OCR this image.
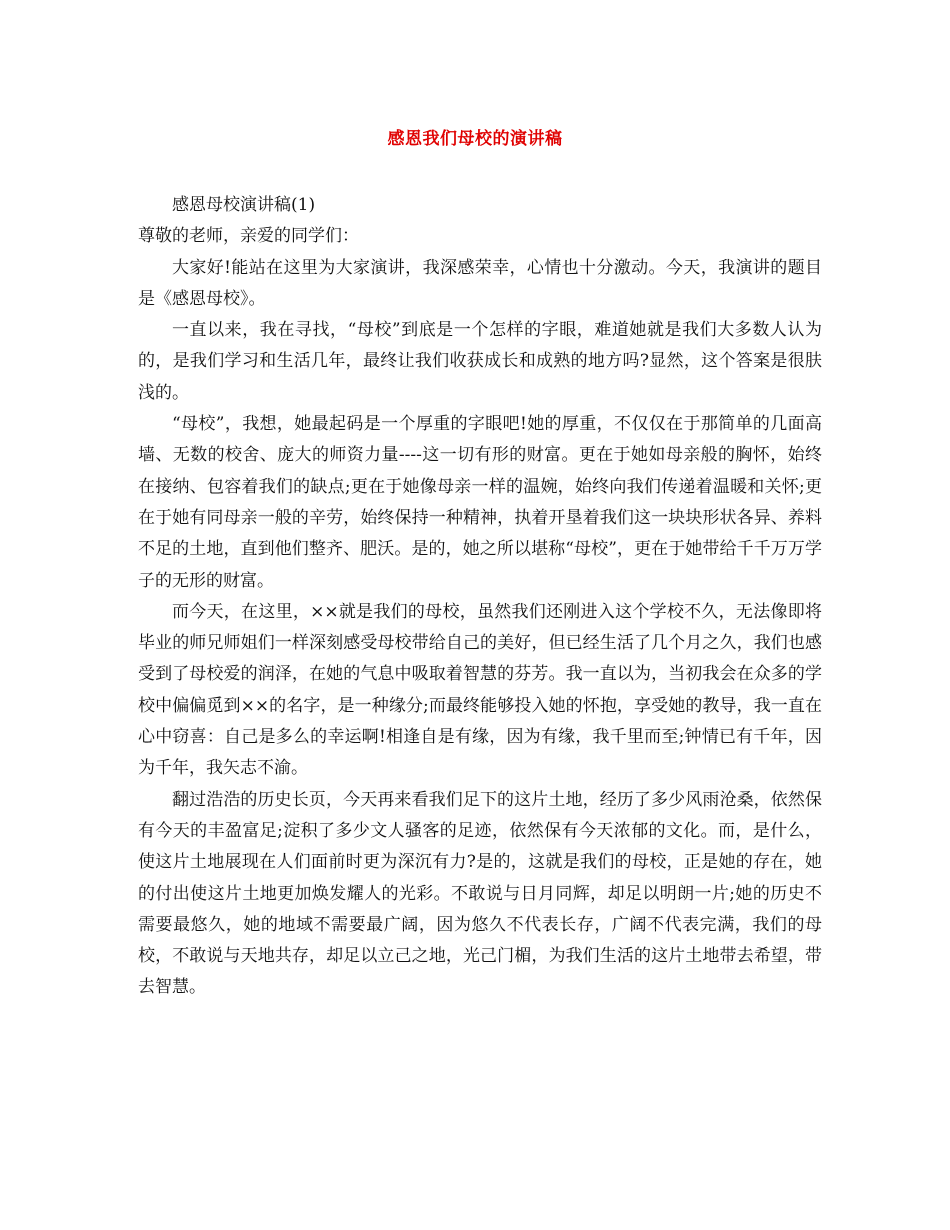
感恩我们母校的演讲稿

感恩母校演讲稿(1)

尊敬的老师，亲爱的同学们：

大家好!能站在这里为大家演讲，我深感荣幸，心情也十分激动。今天，我演讲的题目是《感恩母校》。

一直以来，我在寻找，“母校”到底是一个怎样的字眼，难道她就是我们大多数人认为的，是我们学习和生活几年，最终让我们收获成长和成熟的地方吗?显然，这个答案是很肤浅的。

“母校”，我想，她最起码是一个厚重的字眼吧!她的厚重，不仅仅在于那简单的几面高墙、无数的校舍、庞大的师资力量----这一切有形的财富。更在于她如母亲般的胸怀，始终在接纳、包容着我们的缺点;更在于她像母亲一样的温婉，始终向我们传递着温暖和关怀;更在于她有同母亲一般的辛劳，始终保持一种精神，执着开垦着我们这一块块形状各异、养料不足的土地，直到他们整齐、肥沃。是的，她之所以堪称“母校”，更在于她带给千千万万学子的无形的财富。

而今天，在这里，××就是我们的母校，虽然我们还刚进入这个学校不久，无法像即将毕业的师兄师姐们一样深刻感受母校带给自己的美好，但已经生活了几个月之久，我们也感受到了母校爱的润泽，在她的气息中吸取着智慧的芬芳。我一直以为，当初我会在众多的学校中偏偏觅到××的名字，是一种缘分;而最终能够投入她的怀抱，享受她的教导，我一直在心中窃喜：自己是多么的幸运啊!相逢自是有缘，因为有缘，我千里而至;钟情已有千年，因为千年，我矢志不渝。

翻过浩浩的历史长页，今天再来看我们足下的这片土地，经历了多少风雨沧桑，依然保有今天的丰盈富足;淀积了多少文人骚客的足迹，依然保有今天浓郁的文化。而，是什么，使这片土地展现在人们面前时更为深沉有力?是的，这就是我们的母校，正是她的存在，她的付出使这片土地更加焕发耀人的光彩。不敢说与日月同辉，却足以明朗一片;她的历史不需要最悠久，她的地域不需要最广阔，因为悠久不代表长存，广阔不代表完满，我们的母校，不敢说与天地共存，却足以立己之地，光己门楣，为我们生活的这片土地带去希望，带去智慧。
